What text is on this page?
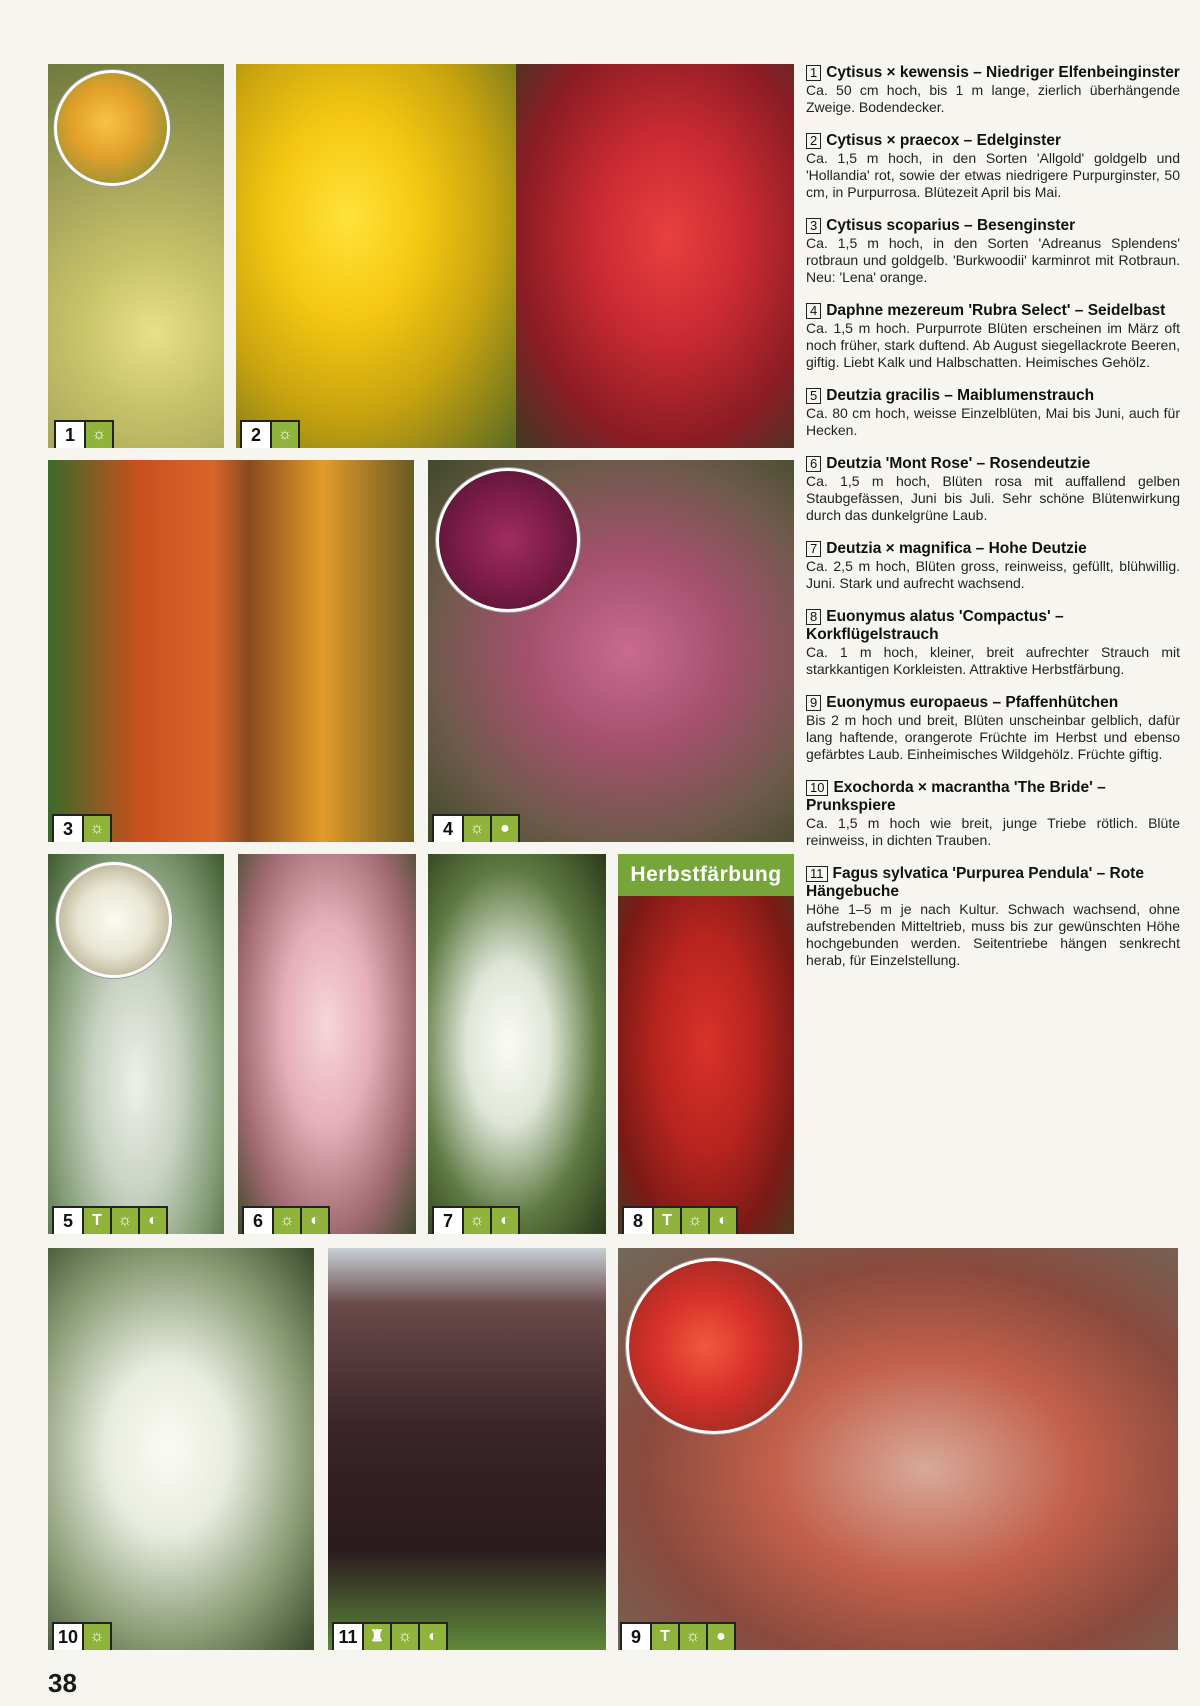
1	☼	2	☼
3	☼	4	☼ ●
5	T ☼ ◐	6	☼ ◐	7	☼ ◐
Herbstfärbung
8	T ☼ ◐
10 ☼	11 ♜ ☼ ◐	9	T ☼ ●
1 Cytisus × kewensis – Niedriger Elfenbeinginster

Ca. 50 cm hoch, bis 1 m lange, zierlich überhängende Zweige. Bodendecker.

2 Cytisus × praecox – Edelginster

Ca. 1,5 m hoch, in den Sorten 'Allgold' goldgelb und 'Hollandia' rot, sowie der etwas niedrigere Purpurginster, 50 cm, in Purpurrosa. Blütezeit April bis Mai.

3 Cytisus scoparius – Besenginster

Ca. 1,5 m hoch, in den Sorten 'Adreanus Splendens' rotbraun und goldgelb. 'Burkwoodii' karminrot mit Rotbraun. Neu: 'Lena' orange.

4 Daphne mezereum 'Rubra Select' – Seidelbast

Ca. 1,5 m hoch. Purpurrote Blüten erscheinen im März oft noch früher, stark duftend. Ab August siegellackrote Beeren, giftig. Liebt Kalk und Halbschatten. Heimisches Gehölz.

5 Deutzia gracilis – Maiblumenstrauch

Ca. 80 cm hoch, weisse Einzelblüten, Mai bis Juni, auch für Hecken.

6 Deutzia 'Mont Rose' – Rosendeutzie

Ca. 1,5 m hoch, Blüten rosa mit auffallend gelben Staubgefässen, Juni bis Juli. Sehr schöne Blütenwirkung durch das dunkelgrüne Laub.

7 Deutzia × magnifica – Hohe Deutzie

Ca. 2,5 m hoch, Blüten gross, reinweiss, gefüllt, blühwillig. Juni. Stark und aufrecht wachsend.

8 Euonymus alatus 'Compactus' – Korkflügelstrauch

Ca. 1 m hoch, kleiner, breit aufrechter Strauch mit starkkantigen Korkleisten. Attraktive Herbstfärbung.

9 Euonymus europaeus – Pfaffenhütchen

Bis 2 m hoch und breit, Blüten unscheinbar gelblich, dafür lang haftende, orangerote Früchte im Herbst und ebenso gefärbtes Laub. Einheimisches Wildgehölz. Früchte giftig.

10 Exochorda × macrantha 'The Bride' – Prunkspiere

Ca. 1,5 m hoch wie breit, junge Triebe rötlich. Blüte reinweiss, in dichten Trauben.

11 Fagus sylvatica 'Purpurea Pendula' – Rote Hängebuche

Höhe 1–5 m je nach Kultur. Schwach wachsend, ohne aufstrebenden Mitteltrieb, muss bis zur gewünschten Höhe hochgebunden werden. Seitentriebe hängen senkrecht herab, für Einzelstellung.

38
